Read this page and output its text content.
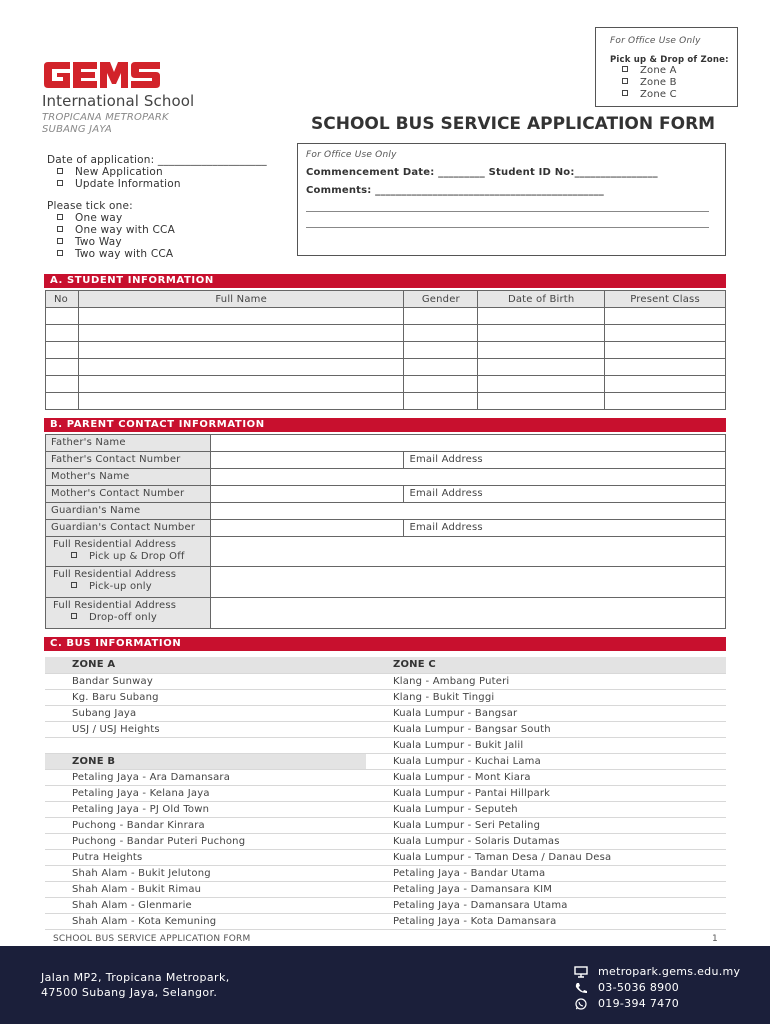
International School
TROPICANA METROPARK
SUBANG JAYA
For Office Use Only
Pick up & Drop of Zone:
Zone A
Zone B
Zone C
SCHOOL BUS SERVICE APPLICATION FORM
Date of application: ____________________
New Application
Update Information
Please tick one:
One way
One way with CCA
Two Way
Two way with CCA
For Office Use Only
Commencement Date: _________ Student ID No:________________
Comments: ____________________________________________
A. STUDENT INFORMATION
No	Full Name	Gender	Date of Birth	Present Class

B. PARENT CONTACT INFORMATION
Father's Name		
Father's Contact Number		Email Address
Mother's Name		
Mother's Contact Number		Email Address
Guardian's Name		
Guardian's Contact Number		Email Address

Full Residential Address
Pick up & Drop Off		

Full Residential Address
Pick-up only		

Full Residential Address
Drop-off only		

C. BUS INFORMATION
ZONE A	ZONE C
Bandar Sunway	Klang - Ambang Puteri
Kg. Baru Subang	Klang - Bukit Tinggi
Subang Jaya	Kuala Lumpur - Bangsar
USJ / USJ Heights	Kuala Lumpur - Bangsar South
	Kuala Lumpur - Bukit Jalil
ZONE B	Kuala Lumpur - Kuchai Lama
Petaling Jaya - Ara Damansara	Kuala Lumpur - Mont Kiara
Petaling Jaya - Kelana Jaya	Kuala Lumpur - Pantai Hillpark
Petaling Jaya - PJ Old Town	Kuala Lumpur - Seputeh
Puchong - Bandar Kinrara	Kuala Lumpur - Seri Petaling
Puchong - Bandar Puteri Puchong	Kuala Lumpur - Solaris Dutamas
Putra Heights	Kuala Lumpur - Taman Desa / Danau Desa
Shah Alam - Bukit Jelutong	Petaling Jaya - Bandar Utama
Shah Alam - Bukit Rimau	Petaling Jaya - Damansara KIM
Shah Alam - Glenmarie	Petaling Jaya - Damansara Utama
Shah Alam - Kota Kemuning	Petaling Jaya - Kota Damansara
SCHOOL BUS SERVICE APPLICATION FORM	1
Jalan MP2, Tropicana Metropark,
47500 Subang Jaya, Selangor.
metropark.gems.edu.my
03-5036 8900
019-394 7470
